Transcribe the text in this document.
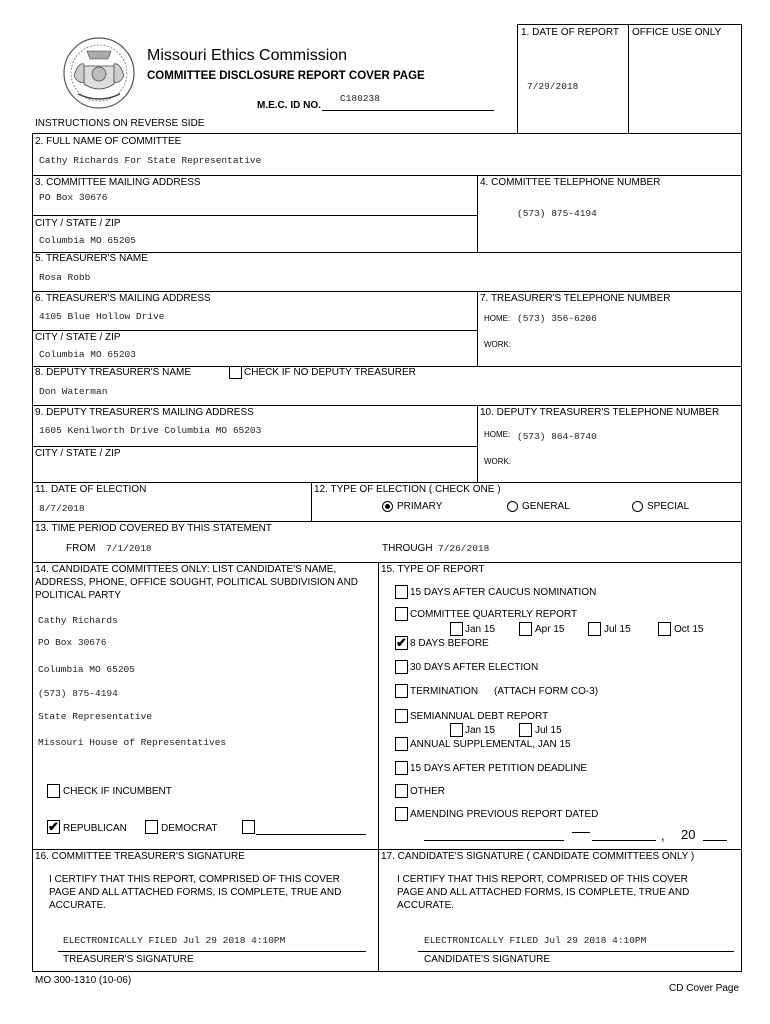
Missouri Ethics Commission
COMMITTEE DISCLOSURE REPORT COVER PAGE
M.E.C. ID NO.
C180238
INSTRUCTIONS ON REVERSE SIDE
1. DATE OF REPORT OFFICE USE ONLY
7/29/2018
2. FULL NAME OF COMMITTEE
Cathy Richards For State Representative
3. COMMITTEE MAILING ADDRESS
PO Box 30676
CITY / STATE / ZIP
Columbia MO 65205
4. COMMITTEE TELEPHONE NUMBER
(573) 875-4194
5. TREASURER'S NAME
Rosa Robb
6. TREASURER'S MAILING ADDRESS
4105 Blue Hollow Drive
CITY / STATE / ZIP
Columbia MO 65203
7. TREASURER'S TELEPHONE NUMBER
HOME: (573) 356-6206
WORK:
8. DEPUTY TREASURER'S NAME	CHECK IF NO DEPUTY TREASURER
Don Waterman
9. DEPUTY TREASURER'S MAILING ADDRESS
1605 Kenilworth Drive Columbia MO 65203
CITY / STATE / ZIP
10. DEPUTY TREASURER'S TELEPHONE NUMBER
HOME: (573) 864-8740
WORK:
11. DATE OF ELECTION
8/7/2018
12. TYPE OF ELECTION ( CHECK ONE )
PRIMARY	GENERAL	SPECIAL
13. TIME PERIOD COVERED BY THIS STATEMENT
FROM 7/1/2018	THROUGH 7/26/2018
14. CANDIDATE COMMITTEES ONLY: LIST CANDIDATE'S NAME,
ADDRESS, PHONE, OFFICE SOUGHT, POLITICAL SUBDIVISION AND
POLITICAL PARTY
Cathy Richards
PO Box 30676
Columbia MO 65205
(573) 875-4194
State Representative
Missouri House of Representatives
CHECK IF INCUMBENT
✔ REPUBLICAN	DEMOCRAT
15. TYPE OF REPORT
15 DAYS AFTER CAUCUS NOMINATION
COMMITTEE QUARTERLY REPORT
Jan 15	Apr 15	Jul 15	Oct 15
✔ 8 DAYS BEFORE
30 DAYS AFTER ELECTION
TERMINATION (ATTACH FORM CO-3)
SEMIANNUAL DEBT REPORT
Jan 15	Jul 15
ANNUAL SUPPLEMENTAL, JAN 15
15 DAYS AFTER PETITION DEADLINE
OTHER
AMENDING PREVIOUS REPORT DATED
, 20
16. COMMITTEE TREASURER'S SIGNATURE
I CERTIFY THAT THIS REPORT, COMPRISED OF THIS COVER
PAGE AND ALL ATTACHED FORMS, IS COMPLETE, TRUE AND
ACCURATE.
ELECTRONICALLY FILED Jul 29 2018 4:10PM
TREASURER'S SIGNATURE
17. CANDIDATE'S SIGNATURE ( CANDIDATE COMMITTEES ONLY )
I CERTIFY THAT THIS REPORT, COMPRISED OF THIS COVER
PAGE AND ALL ATTACHED FORMS, IS COMPLETE, TRUE AND
ACCURATE.
ELECTRONICALLY FILED Jul 29 2018 4:10PM
CANDIDATE'S SIGNATURE
MO 300-1310 (10-06)
CD Cover Page
